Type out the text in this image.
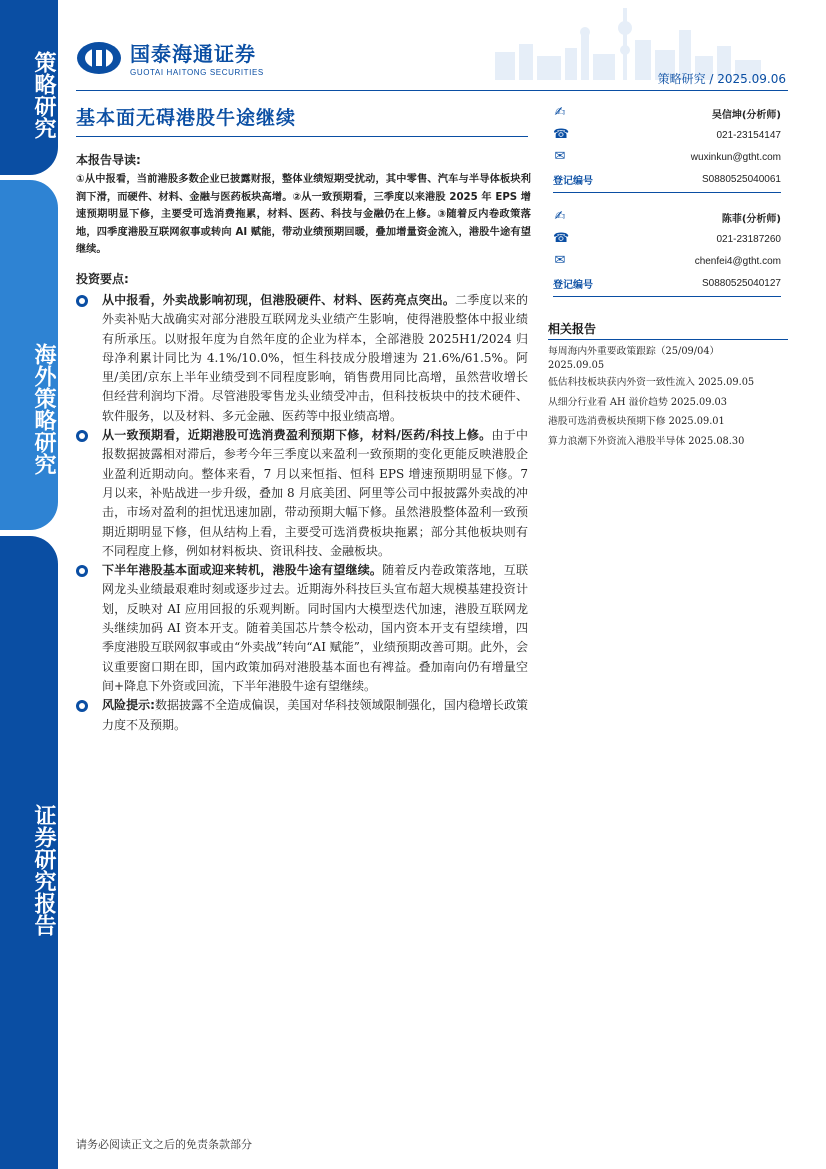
策略研究
海外策略研究
证券研究报告
国泰海通证券
GUOTAI HAITONG SECURITIES	策略研究 / 2025.09.06
基本面无碍港股牛途继续
本报告导读:
①从中报看，当前港股多数企业已披露财报，整体业绩短期受扰动，其中零售、汽车与半导体板块利润下滑，而硬件、材料、金融与医药板块高增。②从一致预期看，三季度以来港股 2025 年 EPS 增速预期明显下修，主要受可选消费拖累，材料、医药、科技与金融仍在上修。③随着反内卷政策落地，四季度港股互联网叙事或转向 AI 赋能，带动业绩预期回暖，叠加增量资金流入，港股牛途有望继续。
投资要点:
从中报看，外卖战影响初现，但港股硬件、材料、医药亮点突出。二季度以来的外卖补贴大战确实对部分港股互联网龙头业绩产生影响，使得港股整体中报业绩有所承压。以财报年度为自然年度的企业为样本，全部港股 2025H1/2024 归母净利累计同比为 4.1%/10.0%，恒生科技成分股增速为 21.6%/61.5%。阿里/美团/京东上半年业绩受到不同程度影响，销售费用同比高增，虽然营收增长但经营利润均下滑。尽管港股零售龙头业绩受冲击，但科技板块中的技术硬件、软件服务，以及材料、多元金融、医药等中报业绩高增。
从一致预期看，近期港股可选消费盈利预期下修，材料/医药/科技上修。由于中报数据披露相对滞后，参考今年三季度以来盈利一致预期的变化更能反映港股企业盈利近期动向。整体来看，7 月以来恒指、恒科 EPS 增速预期明显下修。7 月以来，补贴战进一步升级，叠加 8 月底美团、阿里等公司中报披露外卖战的冲击，市场对盈利的担忧迅速加剧，带动预期大幅下修。虽然港股整体盈利一致预期近期明显下修，但从结构上看，主要受可选消费板块拖累；部分其他板块则有不同程度上修，例如材料板块、资讯科技、金融板块。
下半年港股基本面或迎来转机，港股牛途有望继续。随着反内卷政策落地，互联网龙头业绩最艰难时刻或逐步过去。近期海外科技巨头宣布超大规模基建投资计划，反映对 AI 应用回报的乐观判断。同时国内大模型迭代加速，港股互联网龙头继续加码 AI 资本开支。随着美国芯片禁令松动，国内资本开支有望续增，四季度港股互联网叙事或由“外卖战”转向“AI 赋能”，业绩预期改善可期。此外，会议重要窗口期在即，国内政策加码对港股基本面也有裨益。叠加南向仍有增量空间+降息下外资或回流，下半年港股牛途有望继续。
风险提示:数据披露不全造成偏误，美国对华科技领域限制强化，国内稳增长政策力度不及预期。
✍	吴信坤(分析师)
☎	021-23154147
✉	wuxinkun@gtht.com
登记编号	S0880525040061
✍	陈菲(分析师)
☎	021-23187260
✉	chenfei4@gtht.com
登记编号	S0880525040127
相关报告
每周海内外重要政策跟踪（25/09/04）
2025.09.05
低估科技板块获内外资一致性流入 2025.09.05
从细分行业看 AH 溢价趋势 2025.09.03
港股可选消费板块预期下修 2025.09.01
算力浪潮下外资流入港股半导体 2025.08.30
请务必阅读正文之后的免责条款部分
